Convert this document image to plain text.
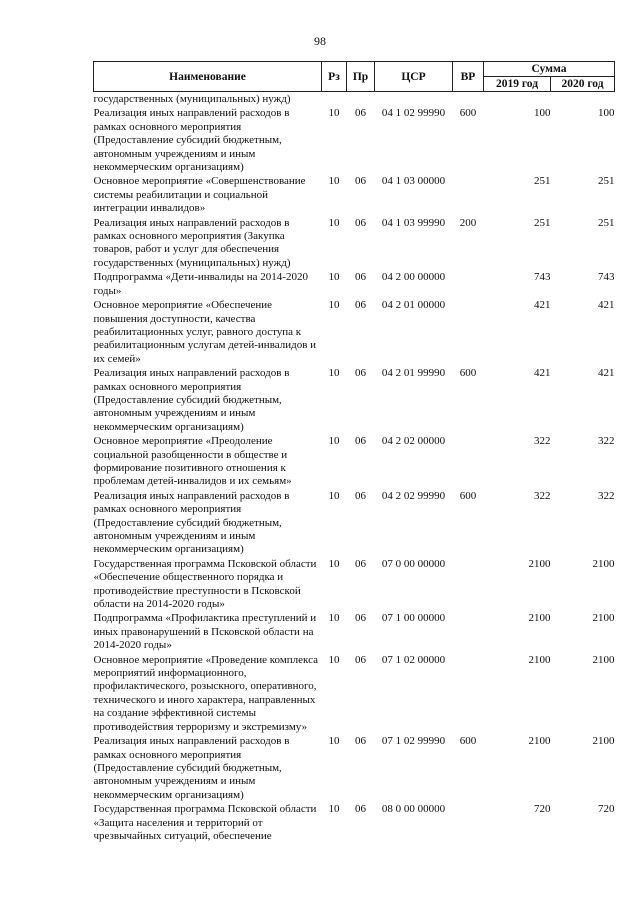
98
Наименование	Рз	Пр	ЦСР	ВР	Сумма	
					2019 год	2020 год
государственных (муниципальных) нужд)						
Реализация иных направлений расходов в рамках основного мероприятия (Предоставление субсидий бюджетным, автономным учреждениям и иным некоммерческим организациям)	10	06	04 1 02 99990	600	100	100
Основное мероприятие «Совершенствование системы реабилитации и социальной интеграции инвалидов»	10	06	04 1 03 00000		251	251
Реализация иных направлений расходов в рамках основного мероприятия (Закупка товаров, работ и услуг для обеспечения государственных (муниципальных) нужд)	10	06	04 1 03 99990	200	251	251
Подпрограмма «Дети-инвалиды на 2014-2020 годы»	10	06	04 2 00 00000		743	743
Основное мероприятие «Обеспечение повышения доступности, качества реабилитационных услуг, равного доступа к реабилитационным услугам детей-инвалидов и их семей»	10	06	04 2 01 00000		421	421
Реализация иных направлений расходов в рамках основного мероприятия (Предоставление субсидий бюджетным, автономным учреждениям и иным некоммерческим организациям)	10	06	04 2 01 99990	600	421	421
Основное мероприятие «Преодоление социальной разобщенности в обществе и формирование позитивного отношения к проблемам детей-инвалидов и их семьям»	10	06	04 2 02 00000		322	322
Реализация иных направлений расходов в рамках основного мероприятия (Предоставление субсидий бюджетным, автономным учреждениям и иным некоммерческим организациям)	10	06	04 2 02 99990	600	322	322
Государственная программа Псковской области «Обеспечение общественного порядка и противодействие преступности в Псковской области на 2014-2020 годы»	10	06	07 0 00 00000		2100	2100
Подпрограмма «Профилактика преступлений и иных правонарушений в Псковской области на 2014-2020 годы»	10	06	07 1 00 00000		2100	2100
Основное мероприятие «Проведение комплекса мероприятий информационного, профилактического, розыскного, оперативного, технического и иного характера, направленных на создание эффективной системы противодействия терроризму и экстремизму»	10	06	07 1 02 00000		2100	2100
Реализация иных направлений расходов в рамках основного мероприятия (Предоставление субсидий бюджетным, автономным учреждениям и иным некоммерческим организациям)	10	06	07 1 02 99990	600	2100	2100
Государственная программа Псковской области «Защита населения и территорий от чрезвычайных ситуаций, обеспечение	10	06	08 0 00 00000		720	720
